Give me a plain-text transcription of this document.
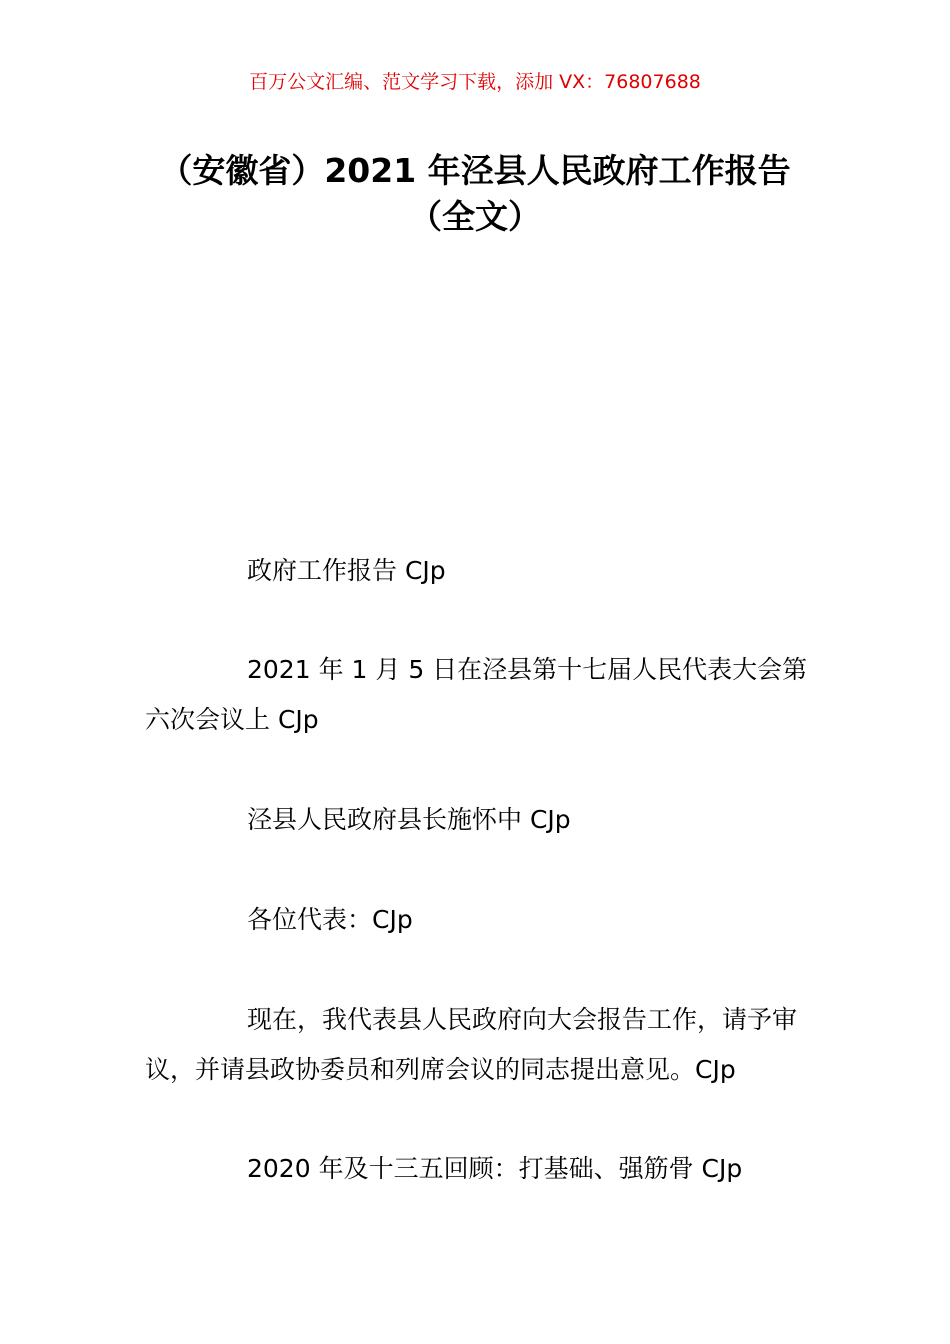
百万公文汇编、范文学习下载，添加 VX：76807688
（安徽省）2021 年泾县人民政府工作报告
（全文）

政府工作报告 CJp

2021 年 1 月 5 日在泾县第十七届人民代表大会第六次会议上 CJp

泾县人民政府县长施怀中 CJp

各位代表：CJp

现在，我代表县人民政府向大会报告工作，请予审议，并请县政协委员和列席会议的同志提出意见。CJp

2020 年及十三五回顾：打基础、强筋骨 CJp
